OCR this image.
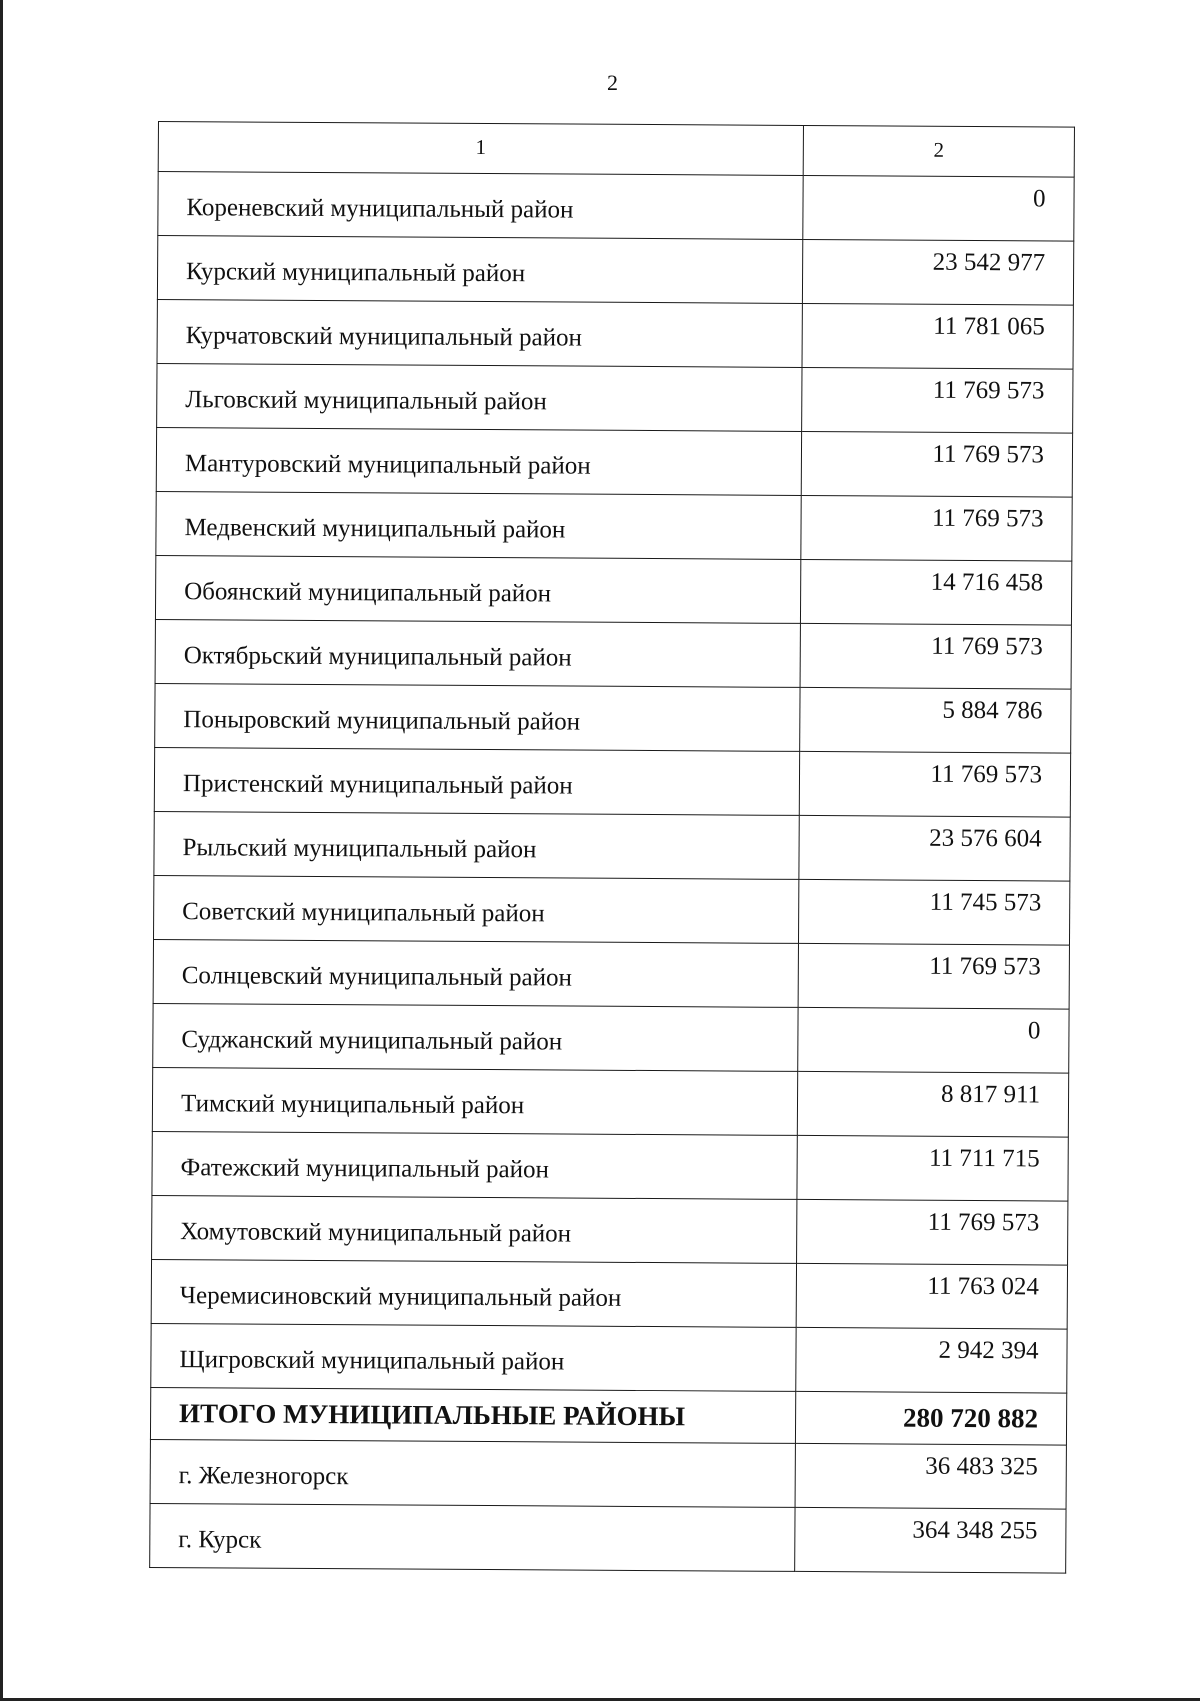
2
1	2
Кореневский муниципальный район	0
Курский муниципальный район	23 542 977
Курчатовский муниципальный район	11 781 065
Льговский муниципальный район	11 769 573
Мантуровский муниципальный район	11 769 573
Медвенский муниципальный район	11 769 573
Обоянский муниципальный район	14 716 458
Октябрьский муниципальный район	11 769 573
Поныровский муниципальный район	5 884 786
Пристенский муниципальный район	11 769 573
Рыльский муниципальный район	23 576 604
Советский муниципальный район	11 745 573
Солнцевский муниципальный район	11 769 573
Суджанский муниципальный район	0
Тимский муниципальный район	8 817 911
Фатежский муниципальный район	11 711 715
Хомутовский муниципальный район	11 769 573
Черемисиновский муниципальный район	11 763 024
Щигровский муниципальный район	2 942 394
ИТОГО МУНИЦИПАЛЬНЫЕ РАЙОНЫ	280 720 882
г. Железногорск	36 483 325
г. Курск	364 348 255
